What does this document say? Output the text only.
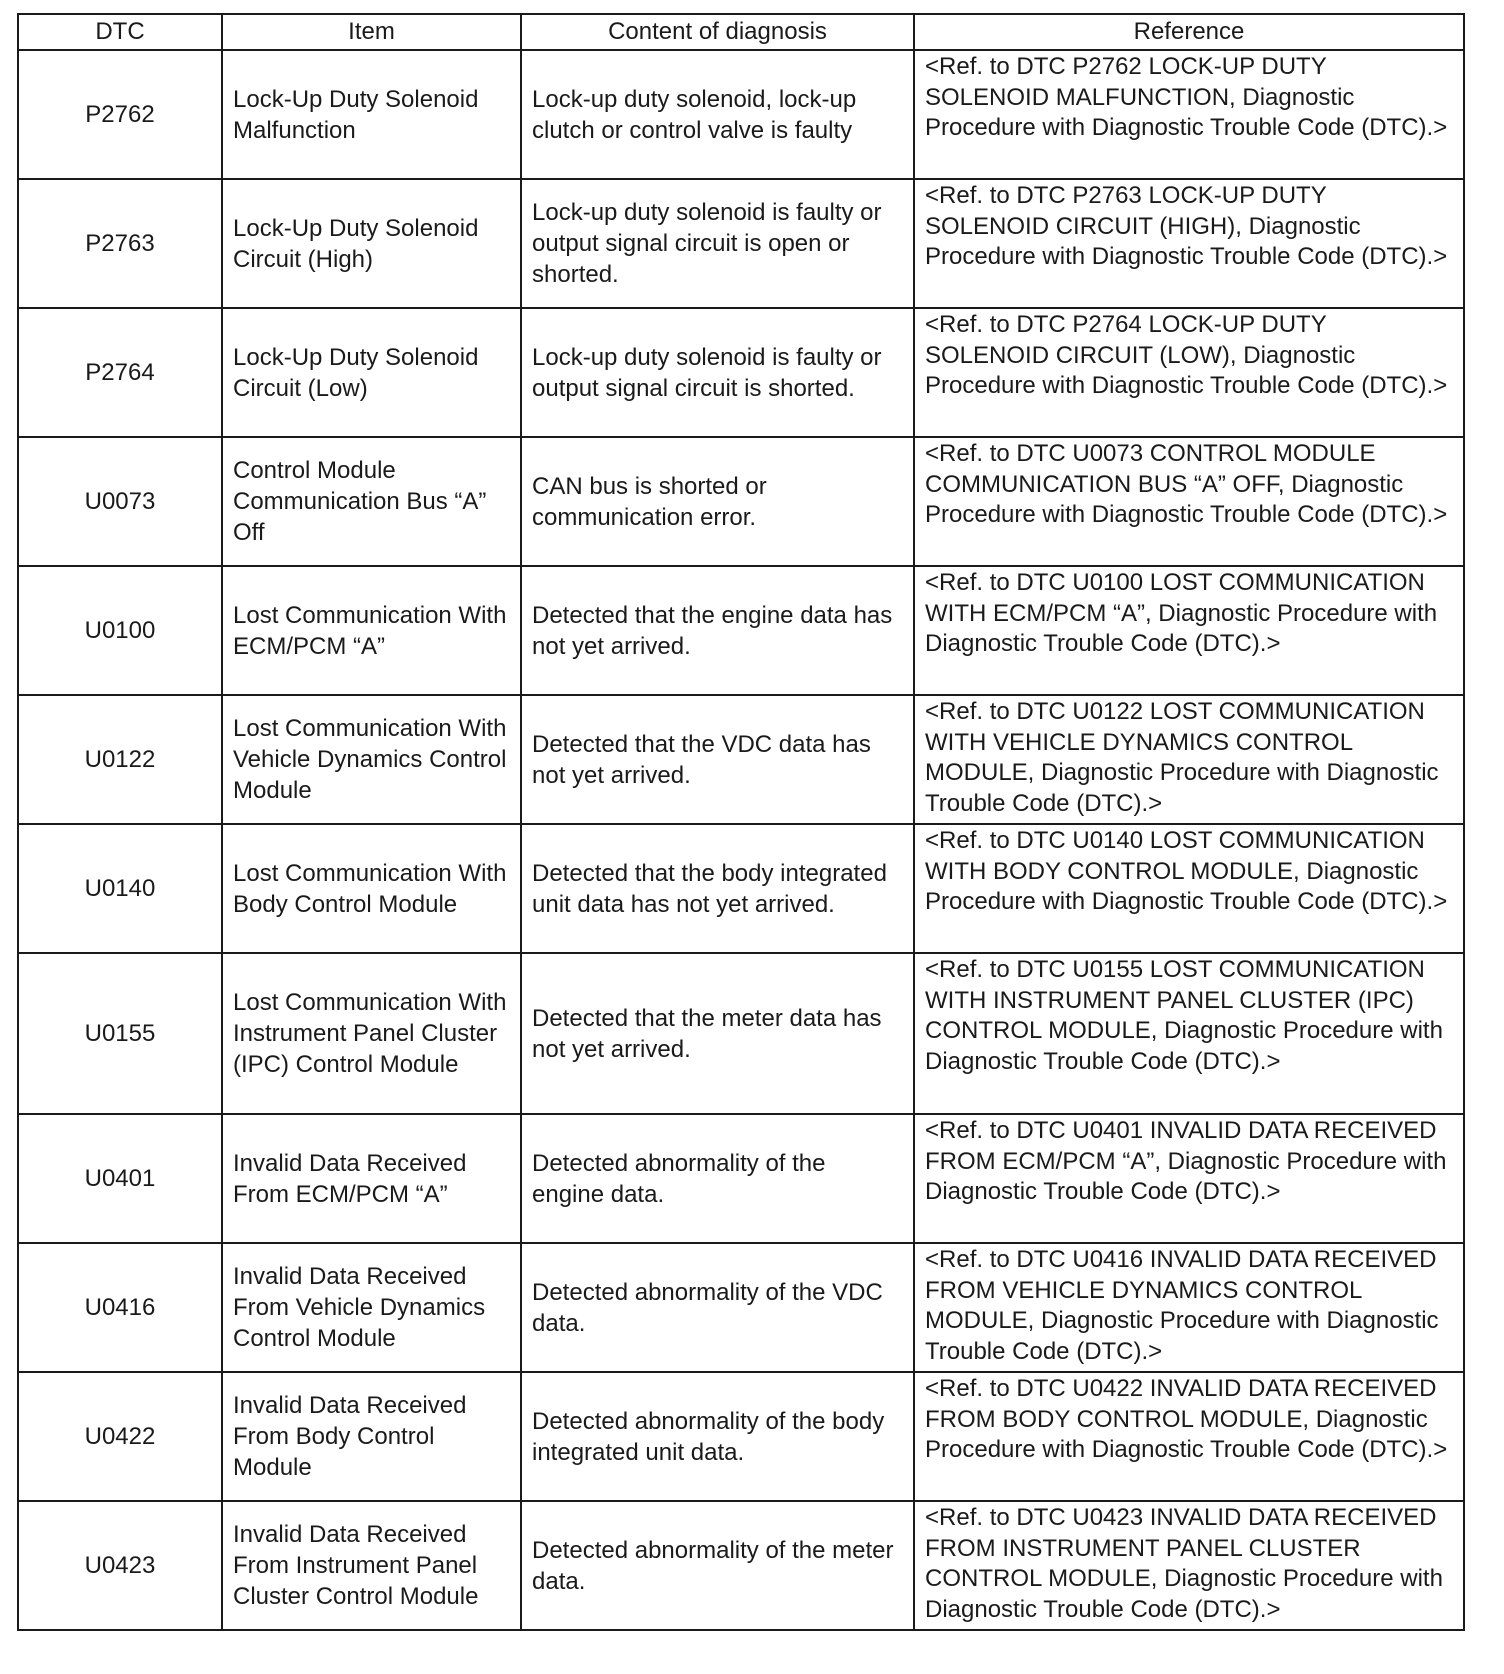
DTC	Item	Content of diagnosis	Reference
P2762	Lock-Up Duty Solenoid Malfunction	Lock-up duty solenoid, lock-up clutch or control valve is faulty	<Ref. to DTC P2762 LOCK-UP DUTY SOLENOID MALFUNCTION, Diagnostic Procedure with Diagnostic Trouble Code (DTC).>
P2763	Lock-Up Duty Solenoid Circuit (High)	Lock-up duty solenoid is faulty or output signal circuit is open or shorted.	<Ref. to DTC P2763 LOCK-UP DUTY SOLENOID CIRCUIT (HIGH), Diagnostic Procedure with Diagnostic Trouble Code (DTC).>
P2764	Lock-Up Duty Solenoid Circuit (Low)	Lock-up duty solenoid is faulty or output signal circuit is shorted.	<Ref. to DTC P2764 LOCK-UP DUTY SOLENOID CIRCUIT (LOW), Diagnostic Procedure with Diagnostic Trouble Code (DTC).>
U0073	Control Module Communication Bus “A” Off	CAN bus is shorted or communication error.	<Ref. to DTC U0073 CONTROL MODULE COMMUNICATION BUS “A” OFF, Diagnostic Procedure with Diagnostic Trouble Code (DTC).>
U0100	Lost Communication With ECM/PCM “A”	Detected that the engine data has not yet arrived.	<Ref. to DTC U0100 LOST COMMUNICATION WITH ECM/PCM “A”, Diagnostic Procedure with Diagnostic Trouble Code (DTC).>
U0122	Lost Communication With Vehicle Dynamics Control Module	Detected that the VDC data has not yet arrived.	<Ref. to DTC U0122 LOST COMMUNICATION WITH VEHICLE DYNAMICS CONTROL MODULE, Diagnostic Procedure with Diagnostic Trouble Code (DTC).>
U0140	Lost Communication With Body Control Module	Detected that the body integrated unit data has not yet arrived.	<Ref. to DTC U0140 LOST COMMUNICATION WITH BODY CONTROL MODULE, Diagnostic Procedure with Diagnostic Trouble Code (DTC).>
U0155	Lost Communication With Instrument Panel Cluster (IPC) Control Module	Detected that the meter data has not yet arrived.	<Ref. to DTC U0155 LOST COMMUNICATION WITH INSTRUMENT PANEL CLUSTER (IPC) CONTROL MODULE, Diagnostic Procedure with Diagnostic Trouble Code (DTC).>
U0401	Invalid Data Received From ECM/PCM “A”	Detected abnormality of the engine data.	<Ref. to DTC U0401 INVALID DATA RECEIVED FROM ECM/PCM “A”, Diagnostic Procedure with Diagnostic Trouble Code (DTC).>
U0416	Invalid Data Received From Vehicle Dynamics Control Module	Detected abnormality of the VDC data.	<Ref. to DTC U0416 INVALID DATA RECEIVED FROM VEHICLE DYNAMICS CONTROL MODULE, Diagnostic Procedure with Diagnostic Trouble Code (DTC).>
U0422	Invalid Data Received From Body Control Module	Detected abnormality of the body integrated unit data.	<Ref. to DTC U0422 INVALID DATA RECEIVED FROM BODY CONTROL MODULE, Diagnostic Procedure with Diagnostic Trouble Code (DTC).>
U0423	Invalid Data Received From Instrument Panel Cluster Control Module	Detected abnormality of the meter data.	<Ref. to DTC U0423 INVALID DATA RECEIVED FROM INSTRUMENT PANEL CLUSTER CONTROL MODULE, Diagnostic Procedure with Diagnostic Trouble Code (DTC).>
